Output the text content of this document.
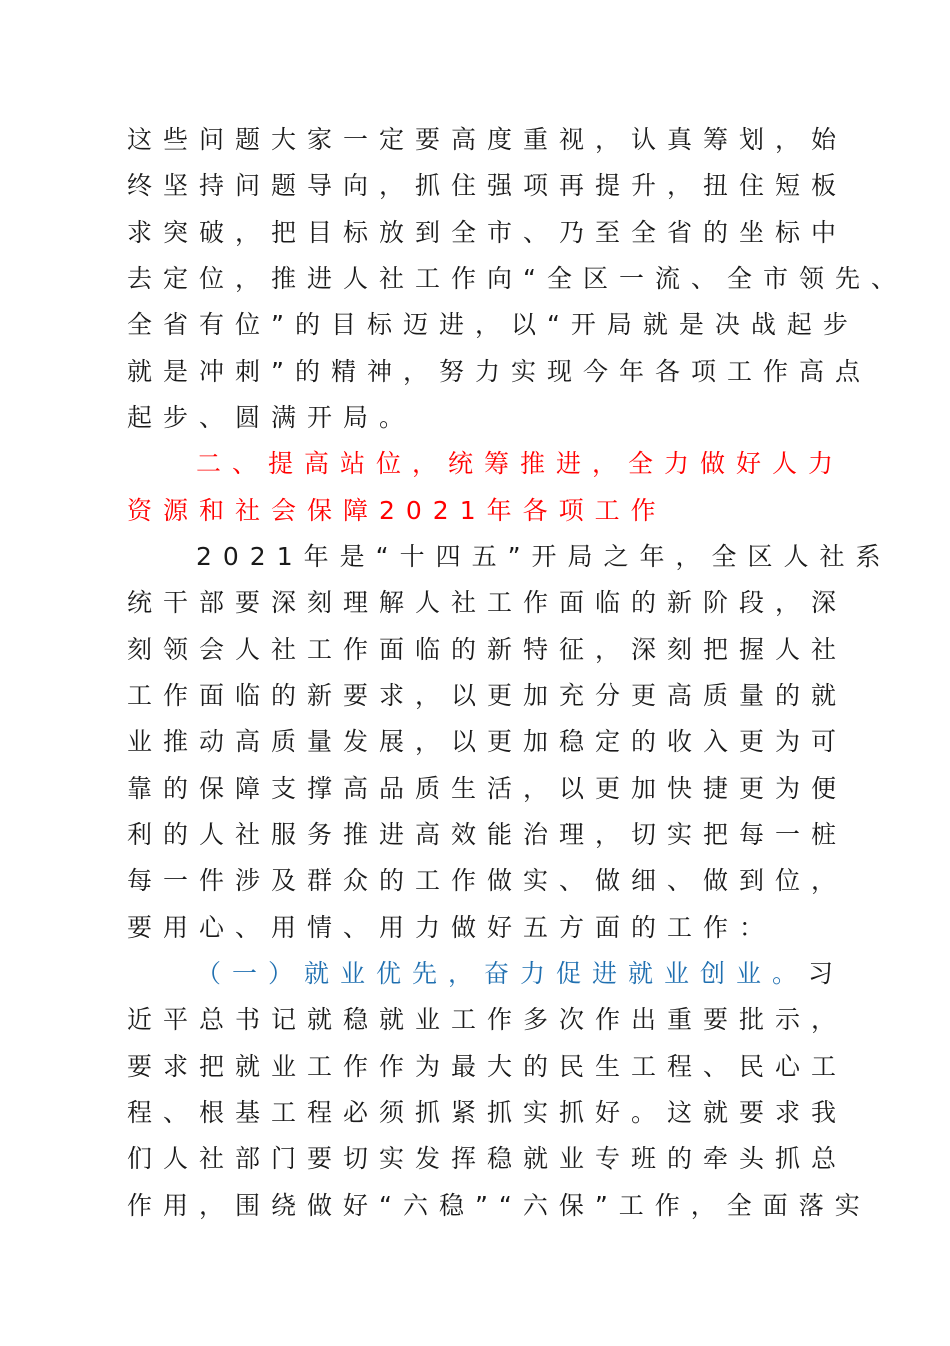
这些问题大家一定要高度重视，认真筹划，始
终坚持问题导向，抓住强项再提升，扭住短板
求突破，把目标放到全市、乃至全省的坐标中
去定位，推进人社工作向“全区一流、全市领先、
全省有位”的目标迈进，以“开局就是决战起步
就是冲刺”的精神，努力实现今年各项工作高点
起步、圆满开局。
二、提高站位，统筹推进，全力做好人力
资源和社会保障2021年各项工作
2021年是“十四五”开局之年，全区人社系
统干部要深刻理解人社工作面临的新阶段，深
刻领会人社工作面临的新特征，深刻把握人社
工作面临的新要求，以更加充分更高质量的就
业推动高质量发展，以更加稳定的收入更为可
靠的保障支撑高品质生活，以更加快捷更为便
利的人社服务推进高效能治理，切实把每一桩
每一件涉及群众的工作做实、做细、做到位，
要用心、用情、用力做好五方面的工作：
（一）就业优先，奋力促进就业创业。习
近平总书记就稳就业工作多次作出重要批示，
要求把就业工作作为最大的民生工程、民心工
程、根基工程必须抓紧抓实抓好。这就要求我
们人社部门要切实发挥稳就业专班的牵头抓总
作用，围绕做好“六稳”“六保”工作，全面落实
